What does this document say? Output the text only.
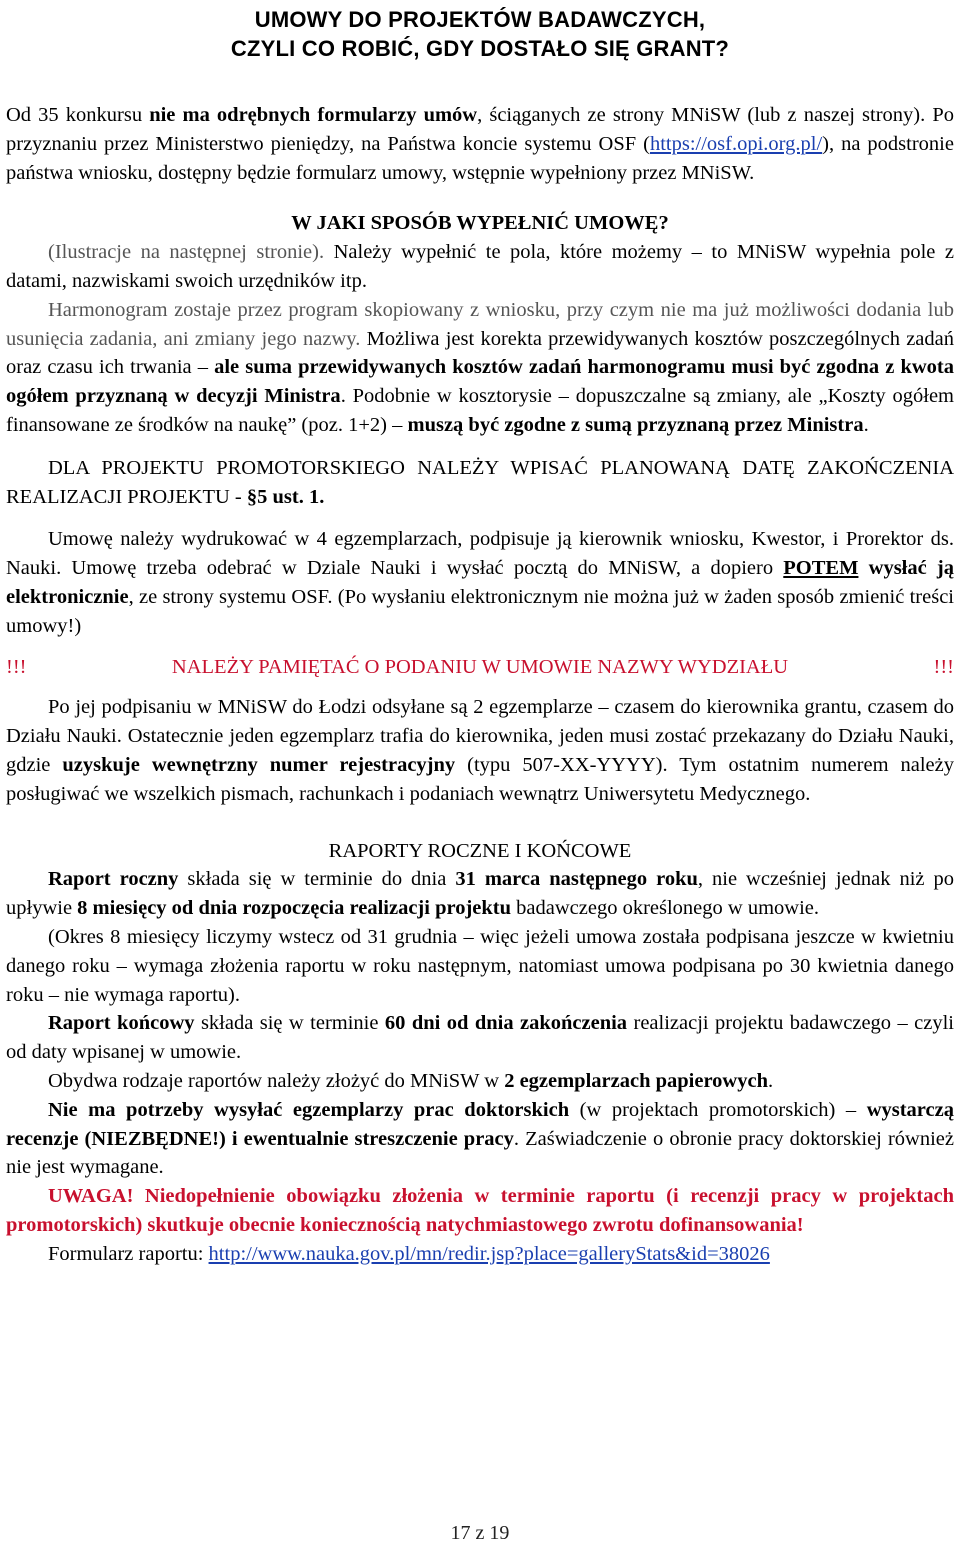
UMOWY DO PROJEKTÓW BADAWCZYCH,
CZYLI CO ROBIĆ, GDY DOSTAŁO SIĘ GRANT?

Od 35 konkursu nie ma odrębnych formularzy umów, ściąganych ze strony MNiSW (lub z naszej strony). Po przyznaniu przez Ministerstwo pieniędzy, na Państwa koncie systemu OSF (https://osf.opi.org.pl/), na podstronie państwa wniosku, dostępny będzie formularz umowy, wstępnie wypełniony przez MNiSW.

W JAKI SPOSÓB WYPEŁNIĆ UMOWĘ?

(Ilustracje na następnej stronie). Należy wypełnić te pola, które możemy – to MNiSW wypełnia pole z datami, nazwiskami swoich urzędników itp.

Harmonogram zostaje przez program skopiowany z wniosku, przy czym nie ma już możliwości dodania lub usunięcia zadania, ani zmiany jego nazwy. Możliwa jest korekta przewidywanych kosztów poszczególnych zadań oraz czasu ich trwania – ale suma przewidywanych kosztów zadań harmonogramu musi być zgodna z kwota ogółem przyznaną w decyzji Ministra. Podobnie w kosztorysie – dopuszczalne są zmiany, ale „Koszty ogółem finansowane ze środków na naukę” (poz. 1+2) – muszą być zgodne z sumą przyznaną przez Ministra.

DLA PROJEKTU PROMOTORSKIEGO NALEŻY WPISAĆ PLANOWANĄ DATĘ ZAKOŃCZENIA REALIZACJI PROJEKTU - §5 ust. 1.

Umowę należy wydrukować w 4 egzemplarzach, podpisuje ją kierownik wniosku, Kwestor, i Prorektor ds. Nauki. Umowę trzeba odebrać w Dziale Nauki i wysłać pocztą do MNiSW, a dopiero POTEM wysłać ją elektronicznie, ze strony systemu OSF. (Po wysłaniu elektronicznym nie można już w żaden sposób zmienić treści umowy!)

!!!	NALEŻY PAMIĘTAĆ O PODANIU W UMOWIE NAZWY WYDZIAŁU	!!!

Po jej podpisaniu w MNiSW do Łodzi odsyłane są 2 egzemplarze – czasem do kierownika grantu, czasem do Działu Nauki. Ostatecznie jeden egzemplarz trafia do kierownika, jeden musi zostać przekazany do Działu Nauki, gdzie uzyskuje wewnętrzny numer rejestracyjny (typu 507-XX-YYYY). Tym ostatnim numerem należy posługiwać we wszelkich pismach, rachunkach i podaniach wewnątrz Uniwersytetu Medycznego.

RAPORTY ROCZNE I KOŃCOWE

Raport roczny składa się w terminie do dnia 31 marca następnego roku, nie wcześniej jednak niż po upływie 8 miesięcy od dnia rozpoczęcia realizacji projektu badawczego określonego w umowie.

(Okres 8 miesięcy liczymy wstecz od 31 grudnia – więc jeżeli umowa została podpisana jeszcze w kwietniu danego roku – wymaga złożenia raportu w roku następnym, natomiast umowa podpisana po 30 kwietnia danego roku – nie wymaga raportu).

Raport końcowy składa się w terminie 60 dni od dnia zakończenia realizacji projektu badawczego – czyli od daty wpisanej w umowie.

Obydwa rodzaje raportów należy złożyć do MNiSW w 2 egzemplarzach papierowych.

Nie ma potrzeby wysyłać egzemplarzy prac doktorskich (w projektach promotorskich) – wystarczą recenzje (NIEZBĘDNE!) i ewentualnie streszczenie pracy. Zaświadczenie o obronie pracy doktorskiej również nie jest wymagane.

UWAGA! Niedopełnienie obowiązku złożenia w terminie raportu (i recenzji pracy w projektach promotorskich) skutkuje obecnie koniecznością natychmiastowego zwrotu dofinansowania!

Formularz raportu: http://www.nauka.gov.pl/mn/redir.jsp?place=galleryStats&id=38026

17 z 19
